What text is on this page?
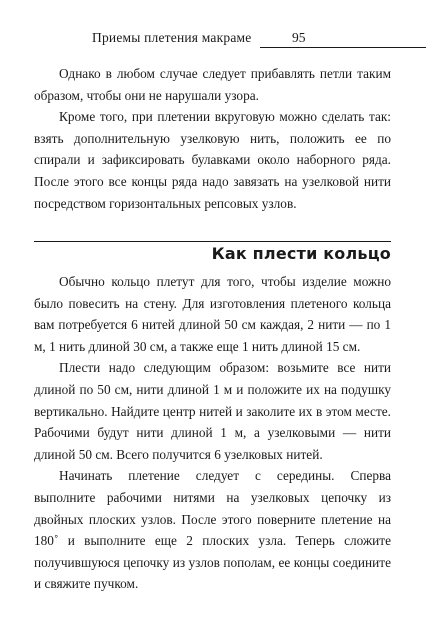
Приемы плетения макраме	95

Однако в любом случае следует прибавлять петли таким образом, чтобы они не нарушали узора.

Кроме того, при плетении вкруговую можно сделать так: взять дополнительную узелковую нить, положить ее по спирали и зафиксировать булавками около наборного ряда. После этого все концы ряда надо завязать на узелковой нити посредством горизонтальных репсовых узлов.

Как плести кольцо

Обычно кольцо плетут для того, чтобы изделие можно было повесить на стену. Для изготовления плетеного кольца вам потребуется 6 нитей длиной 50 см каждая, 2 нити — по 1 м, 1 нить длиной 30 см, а также еще 1 нить длиной 15 см.

Плести надо следующим образом: возьмите все нити длиной по 50 см, нити длиной 1 м и положите их на подушку вертикально. Найдите центр нитей и заколите их в этом месте. Рабочими будут нити длиной 1 м, а узелковыми — нити длиной 50 см. Всего получится 6 узелковых нитей.

Начинать плетение следует с середины. Сперва выполните рабочими нитями на узелковых цепочку из двойных плоских узлов. После этого поверните плетение на 180˚ и выполните еще 2 плоских узла. Теперь сложите получившуюся цепочку из узлов пополам, ее концы соедините и свяжите пучком.
